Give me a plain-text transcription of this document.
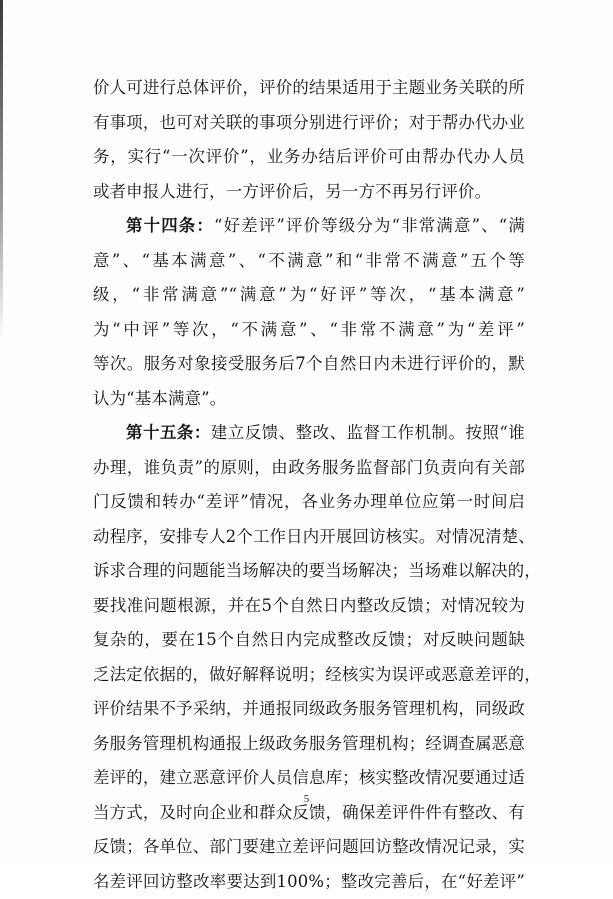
价人可进行总体评价，评价的结果适用于主题业务关联的所
有事项，也可对关联的事项分别进行评价；对于帮办代办业
务，实行“一次评价”，业务办结后评价可由帮办代办人员
或者申报人进行，一方评价后，另一方不再另行评价。
第十四条：“好差评”评价等级分为“非常满意”、“满
意”、“基本满意”、“不满意”和“非常不满意”五个等
级，“非常满意”“满意”为“好评”等次，“基本满意”
为“中评”等次，“不满意”、“非常不满意”为“差评”
等次。服务对象接受服务后7个自然日内未进行评价的，默
认为“基本满意”。
第十五条：建立反馈、整改、监督工作机制。按照“谁
办理，谁负责”的原则，由政务服务监督部门负责向有关部
门反馈和转办“差评”情况，各业务办理单位应第一时间启
动程序，安排专人2个工作日内开展回访核实。对情况清楚、
诉求合理的问题能当场解决的要当场解决；当场难以解决的，
要找准问题根源，并在5个自然日内整改反馈；对情况较为
复杂的，要在15个自然日内完成整改反馈；对反映问题缺
乏法定依据的，做好解释说明；经核实为误评或恶意差评的，
评价结果不予采纳，并通报同级政务服务管理机构，同级政
务服务管理机构通报上级政务服务管理机构；经调查属恶意
差评的，建立恶意评价人员信息库；核实整改情况要通过适
当方式，及时向企业和群众反馈，确保差评件件有整改、有
反馈；各单位、部门要建立差评问题回访整改情况记录，实
名差评回访整改率要达到100%；整改完善后，在“好差评”
5
